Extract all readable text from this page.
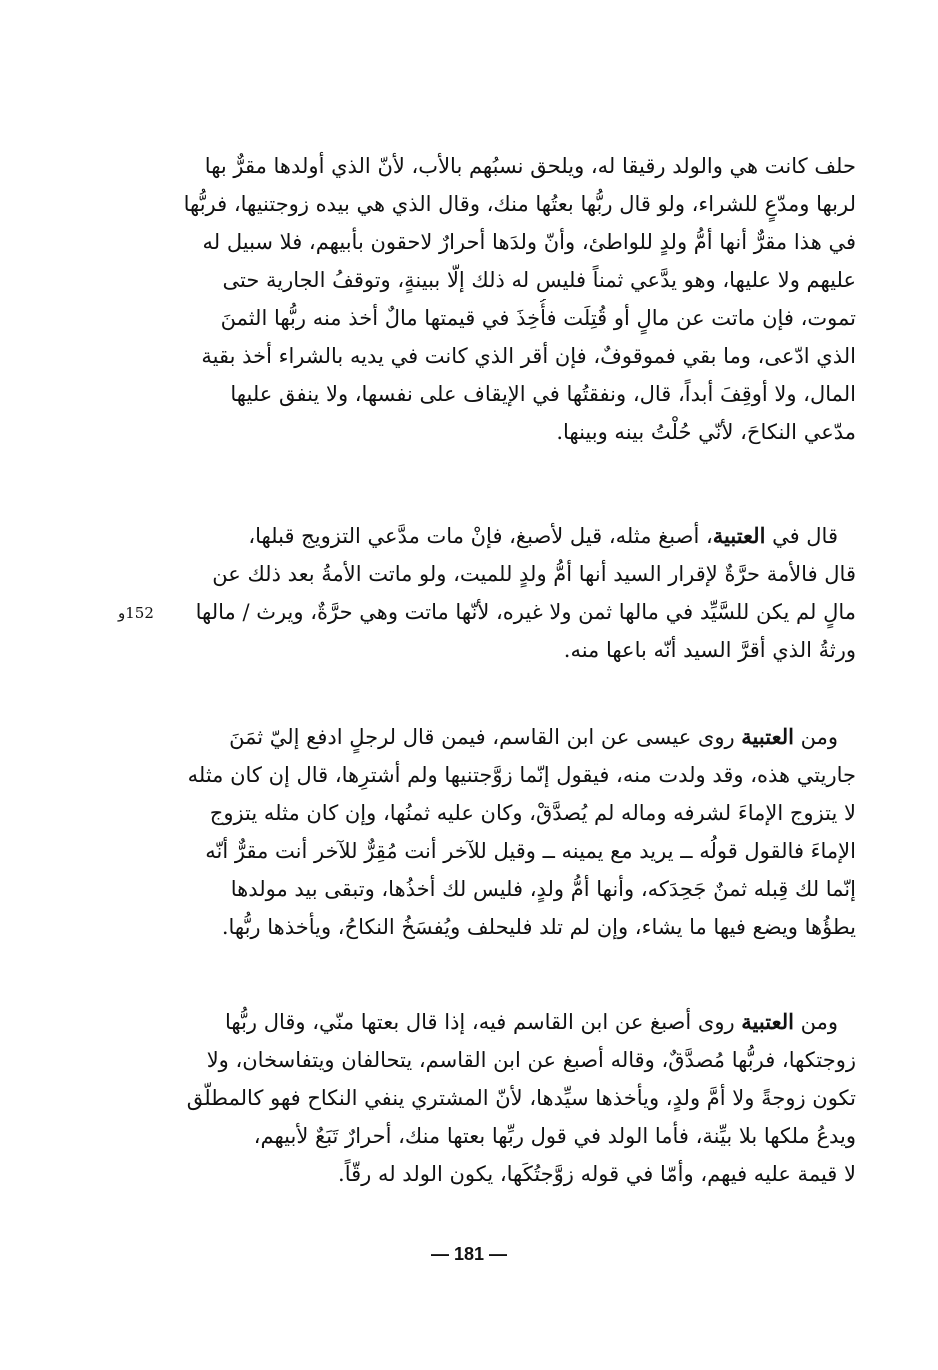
حلف كانت هي والولد رقيقا له، ويلحق نسبُهم بالأب، لأنّ الذي أولدها مقرٌّ بها
لربها ومدّعٍ للشراء، ولو قال ربُّها بعتُها منك، وقال الذي هي بيده زوجتنيها، فربُّها
في هذا مقرٌّ أنها أمُّ ولدٍ للواطئ، وأنّ ولدَها أحرارٌ لاحقون بأبيهم، فلا سبيل له
عليهم ولا عليها، وهو يدَّعي ثمناً فليس له ذلك إلّا ببينةٍ، وتوقفُ الجارية حتى
تموت، فإن ماتت عن مالٍ أو قُتِلَت فأُخِذَ في قيمتها مالٌ أخذ منه ربُّها الثمنَ
الذي ادّعى، وما بقي فموقوفٌ، فإن أقر الذي كانت في يديه بالشراء أخذ بقية
المال، ولا أوقِفَ أبداً، قال، ونفقتُها في الإيقاف على نفسها، ولا ينفق عليها
مدّعي النكاحَ، لأنّي حُلْتُ بينه وبينها.
قال في العتبية، أصبغ مثله، قيل لأصبغ، فإنْ مات مدَّعي التزويج قبلها،
قال فالأمة حرَّةٌ لإقرار السيد أنها أمُّ ولدٍ للميت، ولو ماتت الأمةُ بعد ذلك عن
مالٍ لم يكن للسَّيِّد في مالها ثمن ولا غيره، لأنّها ماتت وهي حرَّةٌ، ويرث / مالها
ورثةُ الذي أقرَّ السيد أنّه باعها منه.
152و
ومن العتبية روى عيسى عن ابن القاسم، فيمن قال لرجلٍ ادفع إليّ ثمَنَ
جاريتي هذه، وقد ولدت منه، فيقول إنّما زوَّجتنيها ولم أشترِها، قال إن كان مثله
لا يتزوج الإماءَ لشرفه وماله لم يُصدَّقْ، وكان عليه ثمنُها، وإن كان مثله يتزوج
الإماءَ فالقول قولُه ــ يريد مع يمينه ــ وقيل للآخر أنت مُقِرٌّ للآخر أنت مقرٌّ أنّه
إنّما لك قِبله ثمنٌ جَحِدَكه، وأنها أمُّ ولدٍ، فليس لك أخذُها، وتبقى بيد مولدها
يطؤُها ويضع فيها ما يشاء، وإن لم تلد فليحلف ويُفسَخُ النكاحُ، ويأخذها ربُّها.
ومن العتبية روى أصبغ عن ابن القاسم فيه، إذا قال بعتها منّي، وقال ربُّها
زوجتكها، فربُّها مُصدَّقٌ، وقاله أصبغ عن ابن القاسم، يتحالفان ويتفاسخان، ولا
تكون زوجةً ولا أمَّ ولدٍ، ويأخذها سيِّدها، لأنّ المشتري ينفي النكاح فهو كالمطلّق
ويدعُ ملكها بلا بيِّنة، فأما الولد في قول ربِّها بعتها منك، أحرارٌ تَبَعٌ لأبيهم،
لا قيمة عليه فيهم، وأمّا في قوله زوَّجتُكَها، يكون الولد له رقّاً.
— 181 —
